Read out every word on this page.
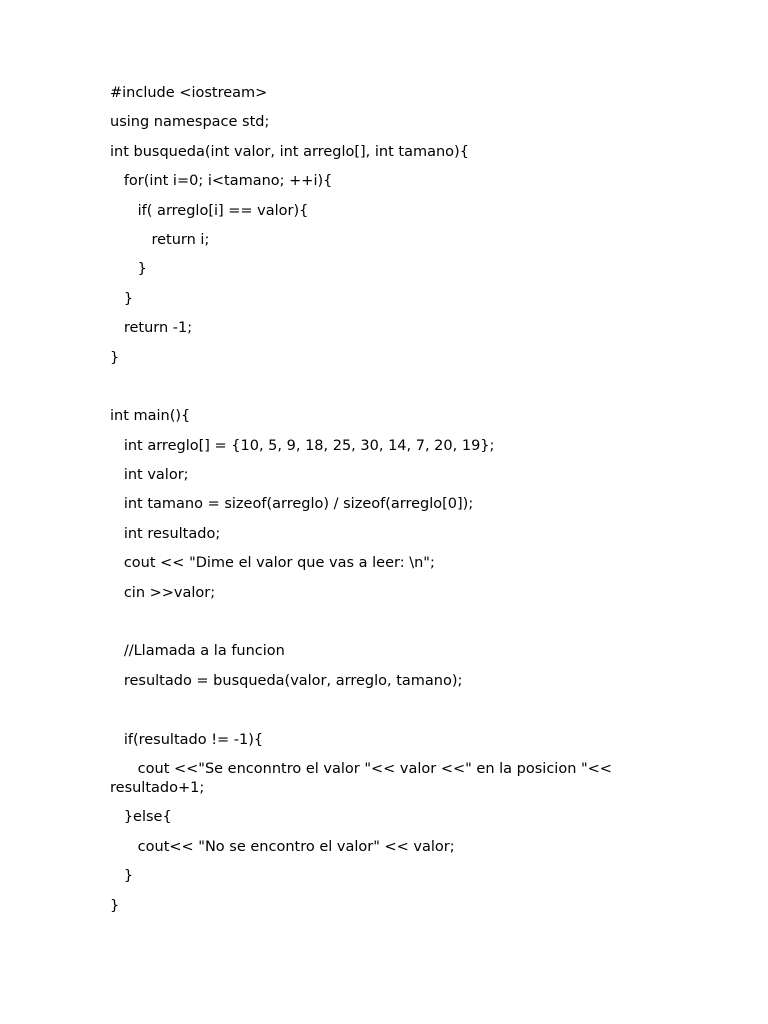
#include <iostream>
using namespace std;
int busqueda(int valor, int arreglo[], int tamano){
for(int i=0; i<tamano; ++i){
if( arreglo[i] == valor){
return i;
}
}
return -1;
}
int main(){
int arreglo[] = {10, 5, 9, 18, 25, 30, 14, 7, 20, 19};
int valor;
int tamano = sizeof(arreglo) / sizeof(arreglo[0]);
int resultado;
cout << "Dime el valor que vas a leer: \n";
cin >>valor;
//Llamada a la funcion
resultado = busqueda(valor, arreglo, tamano);
if(resultado != -1){
cout <<"Se enconntro el valor "<< valor <<" en la posicion "<< resultado+1;
}else{
cout<< "No se encontro el valor" << valor;
}
}
